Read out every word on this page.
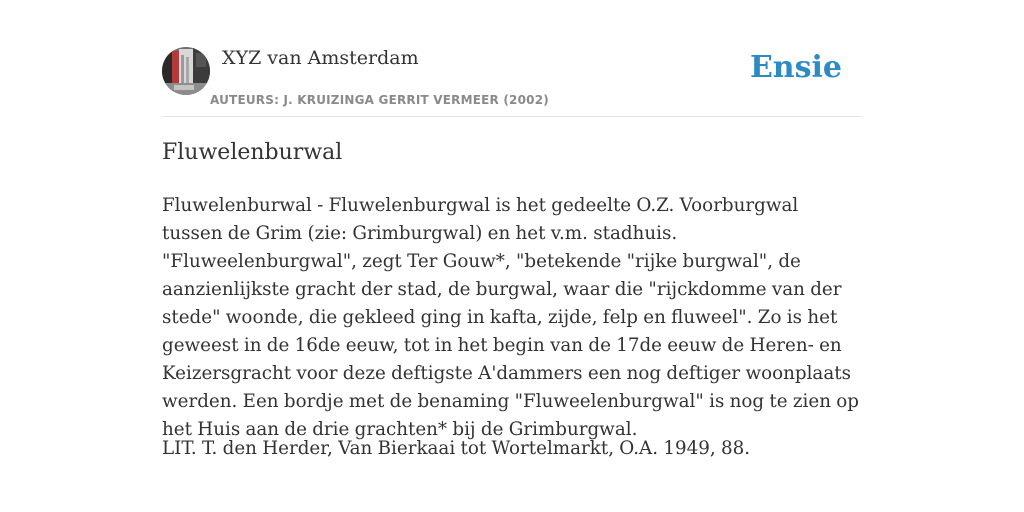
XYZ van Amsterdam
AUTEURS: J. KRUIZINGA GERRIT VERMEER (2002)
Ensie
Fluwelenburwal

Fluwelenburwal - Fluwelenburgwal is het gedeelte O.Z. Voorburgwal tussen de Grim (zie: Grimburgwal) en het v.m. stadhuis. "Fluweelenburgwal", zegt Ter Gouw*, "betekende "rijke burgwal", de aanzienlijkste gracht der stad, de burgwal, waar die "rijckdomme van der stede" woonde, die gekleed ging in kafta, zijde, felp en fluweel". Zo is het geweest in de 16de eeuw, tot in het begin van de 17de eeuw de Heren- en Keizersgracht voor deze deftigste A'dammers een nog deftiger woonplaats werden. Een bordje met de benaming "Fluweelenburgwal" is nog te zien op het Huis aan de drie grachten* bij de Grimburgwal.

LIT. T. den Herder, Van Bierkaai tot Wortelmarkt, O.A. 1949, 88.
